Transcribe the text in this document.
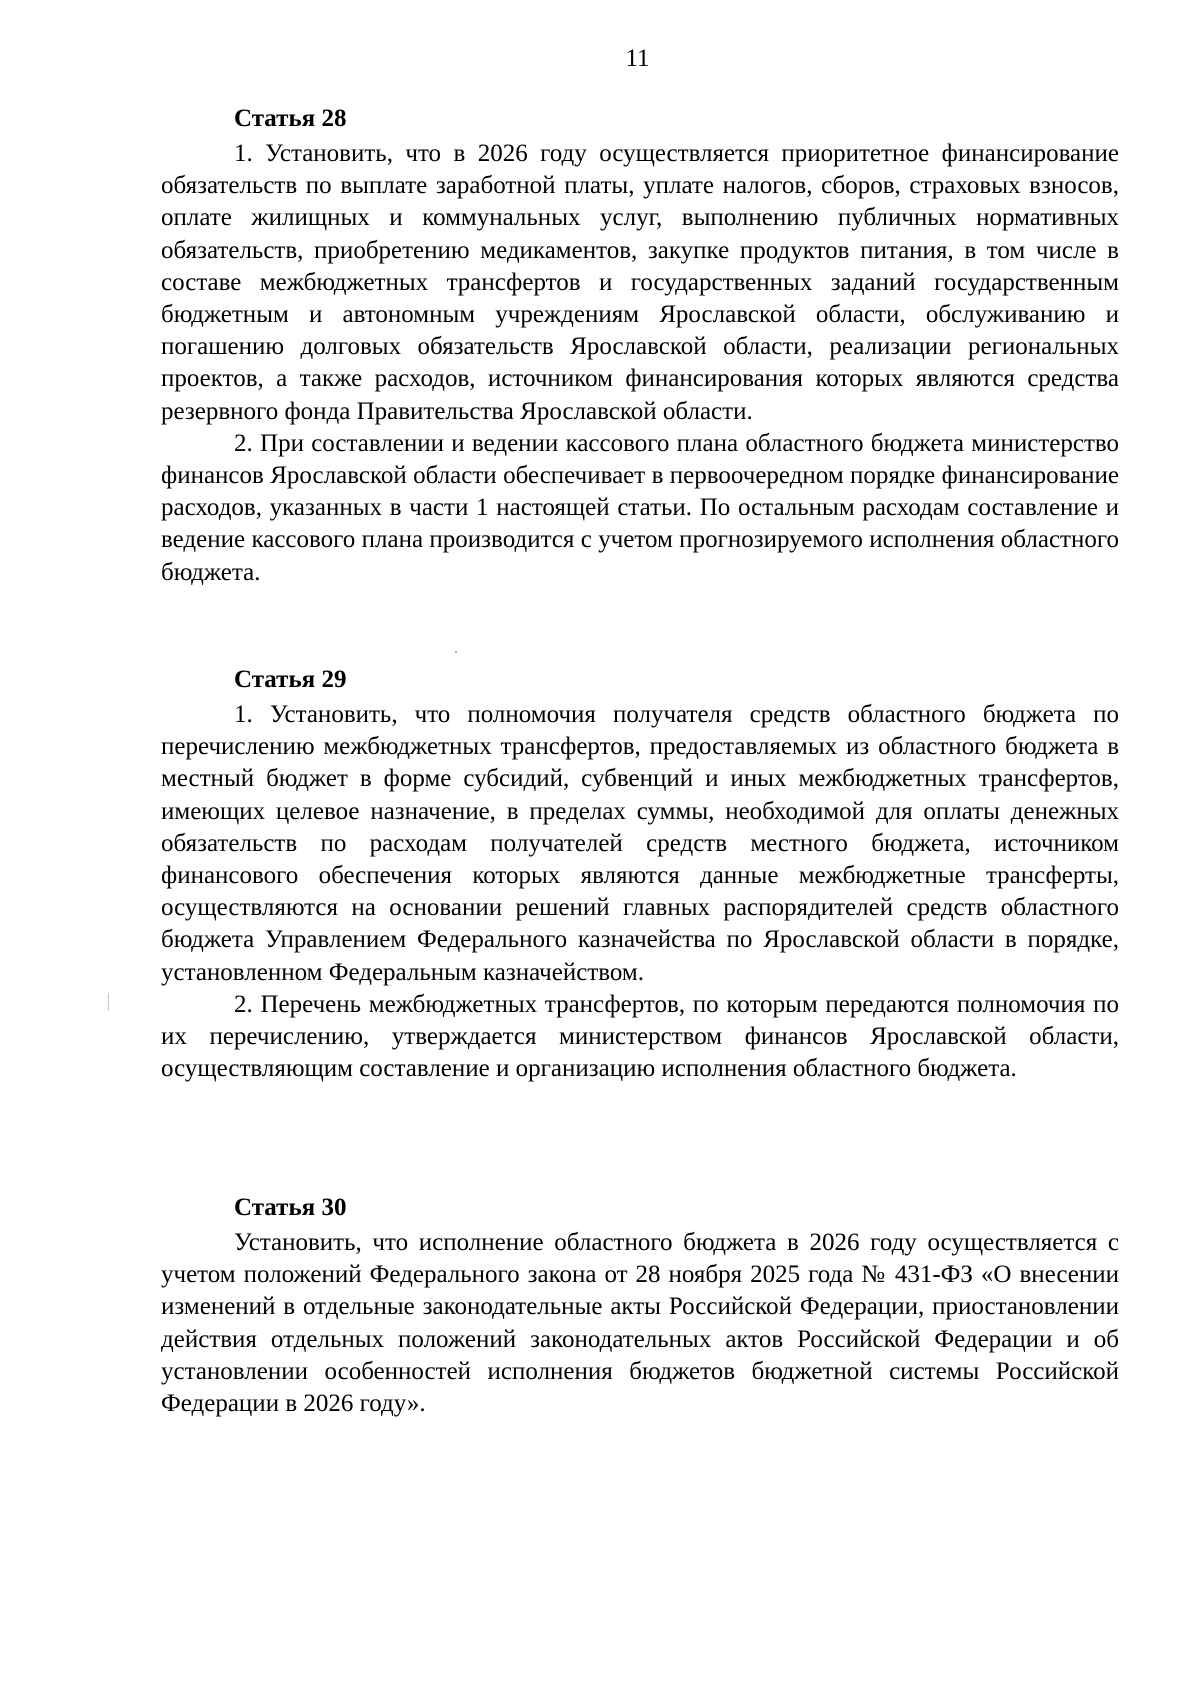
11
Статья 28

1. Установить, что в 2026 году осуществляется приоритетное финансирование обязательств по выплате заработной платы, уплате налогов, сборов, страховых взносов, оплате жилищных и коммунальных услуг, выполнению публичных нормативных обязательств, приобретению медикаментов, закупке продуктов питания, в том числе в составе межбюджетных трансфертов и государственных заданий государственным бюджетным и автономным учреждениям Ярославской области, обслуживанию и погашению долговых обязательств Ярославской области, реализации региональных проектов, а также расходов, источником финансирования которых являются средства резервного фонда Правительства Ярославской области.

2. При составлении и ведении кассового плана областного бюджета министерство финансов Ярославской области обеспечивает в первоочередном порядке финансирование расходов, указанных в части 1 настоящей статьи. По остальным расходам составление и ведение кассового плана производится с учетом прогнозируемого исполнения областного бюджета.

Статья 29

1. Установить, что полномочия получателя средств областного бюджета по перечислению межбюджетных трансфертов, предоставляемых из областного бюджета в местный бюджет в форме субсидий, субвенций и иных межбюджетных трансфертов, имеющих целевое назначение, в пределах суммы, необходимой для оплаты денежных обязательств по расходам получателей средств местного бюджета, источником финансового обеспечения которых являются данные межбюджетные трансферты, осуществляются на основании решений главных распорядителей средств областного бюджета Управлением Федерального казначейства по Ярославской области в порядке, установленном Федеральным казначейством.

2. Перечень межбюджетных трансфертов, по которым передаются полномочия по их перечислению, утверждается министерством финансов Ярославской области, осуществляющим составление и организацию исполнения областного бюджета.

Статья 30

Установить, что исполнение областного бюджета в 2026 году осуществляется с учетом положений Федерального закона от 28 ноября 2025 года № 431-ФЗ «О внесении изменений в отдельные законодательные акты Российской Федерации, приостановлении действия отдельных положений законодательных актов Российской Федерации и об установлении особенностей исполнения бюджетов бюджетной системы Российской Федерации в 2026 году».
